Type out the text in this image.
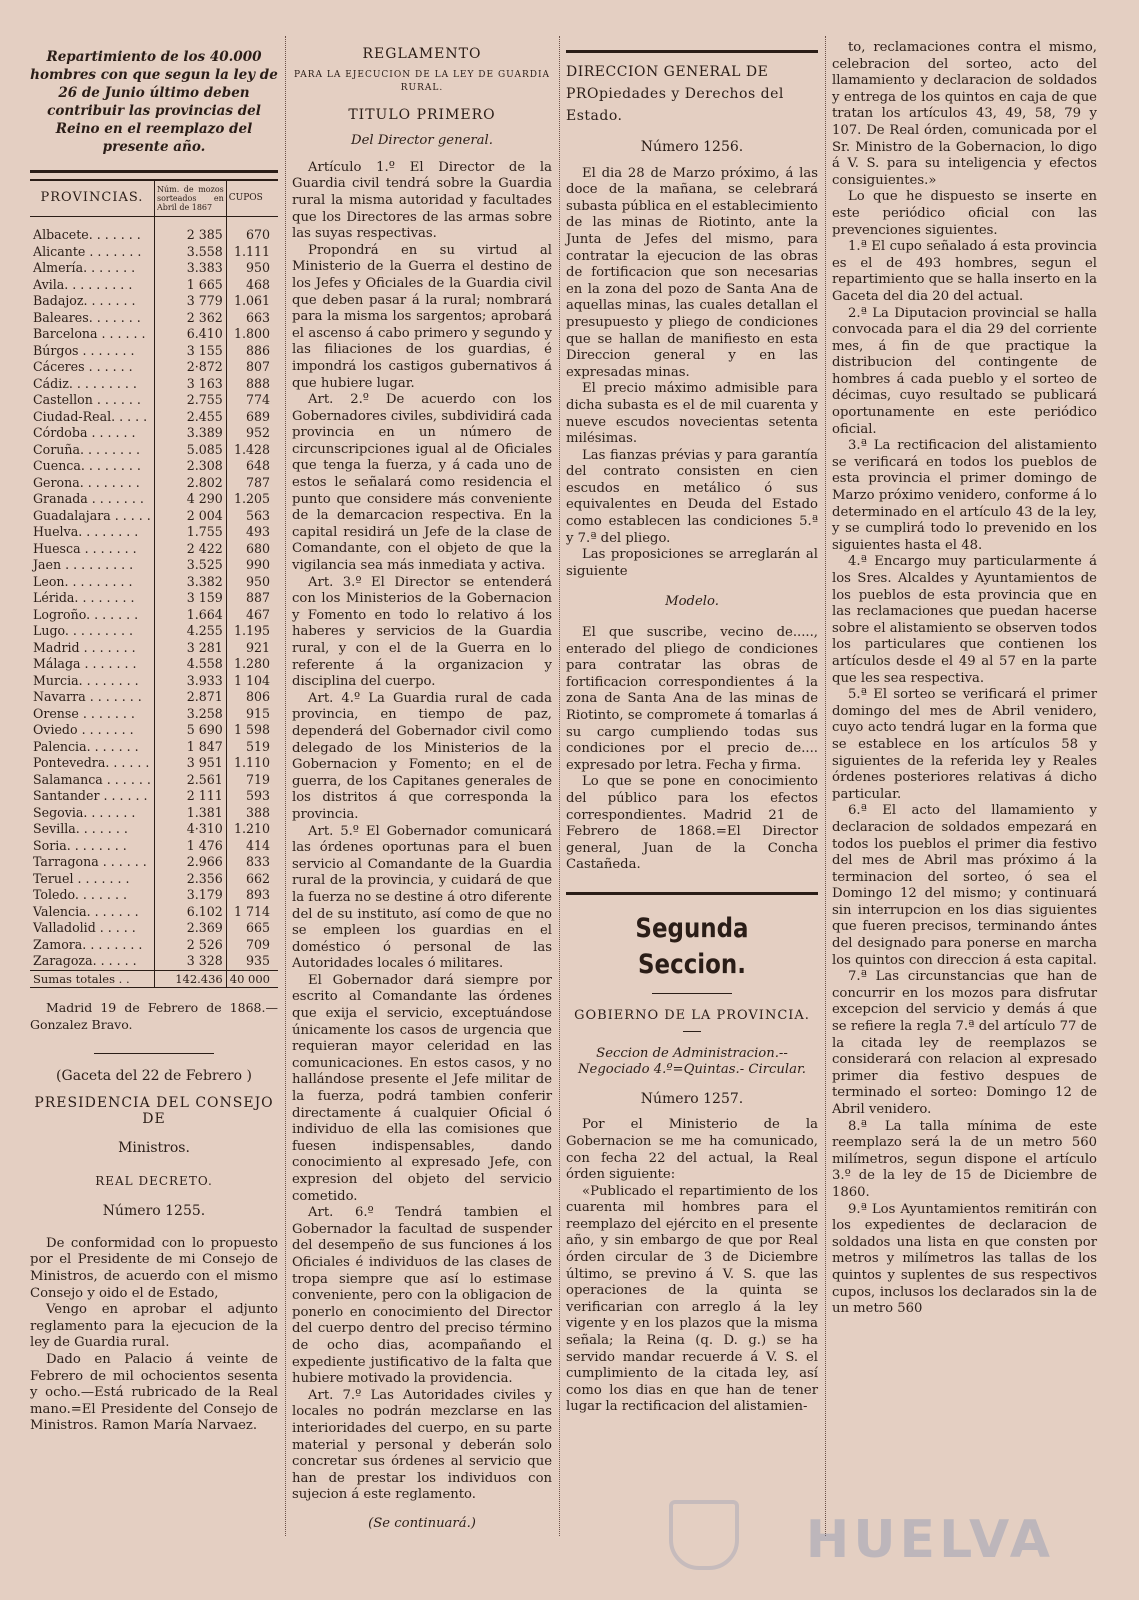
Repartimiento de los 40.000 hombres con que segun la ley de 26 de Junio último deben contribuir las provincias del Reino en el reemplazo del presente año.

PROVINCIAS.	Núm. de mozos sorteados en Abril de 1867	CUPOS
Albacete. . . . . . .	2 385	670
Alicante . . . . . . .	3.558	1.111
Almería. . . . . . .	3.383	950
Avila. . . . . . . . .	1 665	468
Badajoz. . . . . . .	3 779	1.061
Baleares. . . . . . .	2 362	663
Barcelona . . . . . .	6.410	1.800
Búrgos . . . . . . .	3 155	886
Cáceres . . . . . .	2·872	807
Cádiz. . . . . . . . .	3 163	888
Castellon . . . . . .	2.755	774
Ciudad-Real. . . . .	2.455	689
Córdoba . . . . . .	3.389	952
Coruña. . . . . . . .	5.085	1.428
Cuenca. . . . . . . .	2.308	648
Gerona. . . . . . . .	2.802	787
Granada . . . . . . .	4 290	1.205
Guadalajara . . . . .	2 004	563
Huelva. . . . . . . .	1.755	493
Huesca . . . . . . .	2 422	680
Jaen . . . . . . . . .	3.525	990
Leon. . . . . . . . .	3.382	950
Lérida. . . . . . . .	3 159	887
Logroño. . . . . . .	1.664	467
Lugo. . . . . . . . .	4.255	1.195
Madrid . . . . . . .	3 281	921
Málaga . . . . . . .	4.558	1.280
Murcia. . . . . . . .	3.933	1 104
Navarra . . . . . . .	2.871	806
Orense . . . . . . .	3.258	915
Oviedo . . . . . . .	5 690	1 598
Palencia. . . . . . .	1 847	519
Pontevedra. . . . . .	3 951	1.110
Salamanca . . . . . .	2.561	719
Santander . . . . . .	2 111	593
Segovia. . . . . . .	1.381	388
Sevilla. . . . . . .	4·310	1.210
Soria. . . . . . . .	1 476	414
Tarragona . . . . . .	2.966	833
Teruel . . . . . . .	2.356	662
Toledo. . . . . . .	3.179	893
Valencia. . . . . . .	6.102	1 714
Valladolid . . . . .	2.369	665
Zamora. . . . . . . .	2 526	709
Zaragoza. . . . . .	3 328	935
Sumas totales . .	142.436	40 000

Madrid 19 de Febrero de 1868.— Gonzalez Bravo.

(Gaceta del 22 de Febrero )

PRESIDENCIA DEL CONSEJO DE

Ministros.

REAL DECRETO.

Número 1255.

De conformidad con lo propuesto por el Presidente de mi Consejo de Ministros, de acuerdo con el mismo Consejo y oido el de Estado,

Vengo en aprobar el adjunto reglamento para la ejecucion de la ley de Guardia rural.

Dado en Palacio á veinte de Febrero de mil ochocientos sesenta y ocho.—Está rubricado de la Real mano.=El Presidente del Consejo de Ministros. Ramon María Narvaez.

REGLAMENTO

PARA LA EJECUCION DE LA LEY DE GUARDIA RURAL.

TITULO PRIMERO

Del Director general.

Artículo 1.º El Director de la Guardia civil tendrá sobre la Guardia rural la misma autoridad y facultades que los Directores de las armas sobre las suyas respectivas.

Propondrá en su virtud al Ministerio de la Guerra el destino de los Jefes y Oficiales de la Guardia civil que deben pasar á la rural; nombrará para la misma los sargentos; aprobará el ascenso á cabo primero y segundo y las filiaciones de los guardias, é impondrá los castigos gubernativos á que hubiere lugar.

Art. 2.º De acuerdo con los Gobernadores civiles, subdividirá cada provincia en un número de circunscripciones igual al de Oficiales que tenga la fuerza, y á cada uno de estos le señalará como residencia el punto que considere más conveniente de la demarcacion respectiva. En la capital residirá un Jefe de la clase de Comandante, con el objeto de que la vigilancia sea más inmediata y activa.

Art. 3.º El Director se entenderá con los Ministerios de la Gobernacion y Fomento en todo lo relativo á los haberes y servicios de la Guardia rural, y con el de la Guerra en lo referente á la organizacion y disciplina del cuerpo.

Art. 4.º La Guardia rural de cada provincia, en tiempo de paz, dependerá del Gobernador civil como delegado de los Ministerios de la Gobernacion y Fomento; en el de guerra, de los Capitanes generales de los distritos á que corresponda la provincia.

Art. 5.º El Gobernador comunicará las órdenes oportunas para el buen servicio al Comandante de la Guardia rural de la provincia, y cuidará de que la fuerza no se destine á otro diferente del de su instituto, así como de que no se empleen los guardias en el doméstico ó personal de las Autoridades locales ó militares.

El Gobernador dará siempre por escrito al Comandante las órdenes que exija el servicio, exceptuándose únicamente los casos de urgencia que requieran mayor celeridad en las comunicaciones. En estos casos, y no hallándose presente el Jefe militar de la fuerza, podrá tambien conferir directamente á cualquier Oficial ó individuo de ella las comisiones que fuesen indispensables, dando conocimiento al expresado Jefe, con expresion del objeto del servicio cometido.

Art. 6.º Tendrá tambien el Gobernador la facultad de suspender del desempeño de sus funciones á los Oficiales é individuos de las clases de tropa siempre que así lo estimase conveniente, pero con la obligacion de ponerlo en conocimiento del Director del cuerpo dentro del preciso término de ocho dias, acompañando el expediente justificativo de la falta que hubiere motivado la providencia.

Art. 7.º Las Autoridades civiles y locales no podrán mezclarse en las interioridades del cuerpo, en su parte material y personal y deberán solo concretar sus órdenes al servicio que han de prestar los individuos con sujecion á este reglamento.

(Se continuará.)

DIRECCION GENERAL DE PROpiedades y Derechos del Estado.

Número 1256.

El dia 28 de Marzo próximo, á las doce de la mañana, se celebrará subasta pública en el establecimiento de las minas de Riotinto, ante la Junta de Jefes del mismo, para contratar la ejecucion de las obras de fortificacion que son necesarias en la zona del pozo de Santa Ana de aquellas minas, las cuales detallan el presupuesto y pliego de condiciones que se hallan de manifiesto en esta Direccion general y en las expresadas minas.

El precio máximo admisible para dicha subasta es el de mil cuarenta y nueve escudos novecientas setenta milésimas.

Las fianzas prévias y para garantía del contrato consisten en cien escudos en metálico ó sus equivalentes en Deuda del Estado como establecen las condiciones 5.ª y 7.ª del pliego.

Las proposiciones se arreglarán al siguiente

Modelo.

El que suscribe, vecino de....., enterado del pliego de condiciones para contratar las obras de fortificacion correspondientes á la zona de Santa Ana de las minas de Riotinto, se compromete á tomarlas á su cargo cumpliendo todas sus condiciones por el precio de.... expresado por letra. Fecha y firma.

Lo que se pone en conocimiento del público para los efectos correspondientes. Madrid 21 de Febrero de 1868.=El Director general, Juan de la Concha Castañeda.

Segunda Seccion.

GOBIERNO DE LA PROVINCIA.

Seccion de Administracion.--Negociado 4.º=Quintas.- Circular.

Número 1257.

Por el Ministerio de la Gobernacion se me ha comunicado, con fecha 22 del actual, la Real órden siguiente:

«Publicado el repartimiento de los cuarenta mil hombres para el reemplazo del ejército en el presente año, y sin embargo de que por Real órden circular de 3 de Diciembre último, se previno á V. S. que las operaciones de la quinta se verificarian con arreglo á la ley vigente y en los plazos que la misma señala; la Reina (q. D. g.) se ha servido mandar recuerde á V. S. el cumplimiento de la citada ley, así como los dias en que han de tener lugar la rectificacion del alistamien-

to, reclamaciones contra el mismo, celebracion del sorteo, acto del llamamiento y declaracion de soldados y entrega de los quintos en caja de que tratan los artículos 43, 49, 58, 79 y 107. De Real órden, comunicada por el Sr. Ministro de la Gobernacion, lo digo á V. S. para su inteligencia y efectos consiguientes.»

Lo que he dispuesto se inserte en este periódico oficial con las prevenciones siguientes.

1.ª El cupo señalado á esta provincia es el de 493 hombres, segun el repartimiento que se halla inserto en la Gaceta del dia 20 del actual.

2.ª La Diputacion provincial se halla convocada para el dia 29 del corriente mes, á fin de que practique la distribucion del contingente de hombres á cada pueblo y el sorteo de décimas, cuyo resultado se publicará oportunamente en este periódico oficial.

3.ª La rectificacion del alistamiento se verificará en todos los pueblos de esta provincia el primer domingo de Marzo próximo venidero, conforme á lo determinado en el artículo 43 de la ley, y se cumplirá todo lo prevenido en los siguientes hasta el 48.

4.ª Encargo muy particularmente á los Sres. Alcaldes y Ayuntamientos de los pueblos de esta provincia que en las reclamaciones que puedan hacerse sobre el alistamiento se observen todos los particulares que contienen los artículos desde el 49 al 57 en la parte que les sea respectiva.

5.ª El sorteo se verificará el primer domingo del mes de Abril venidero, cuyo acto tendrá lugar en la forma que se establece en los artículos 58 y siguientes de la referida ley y Reales órdenes posteriores relativas á dicho particular.

6.ª El acto del llamamiento y declaracion de soldados empezará en todos los pueblos el primer dia festivo del mes de Abril mas próximo á la terminacion del sorteo, ó sea el Domingo 12 del mismo; y continuará sin interrupcion en los dias siguientes que fueren precisos, terminando ántes del designado para ponerse en marcha los quintos con direccion á esta capital.

7.ª Las circunstancias que han de concurrir en los mozos para disfrutar excepcion del servicio y demás á que se refiere la regla 7.ª del artículo 77 de la citada ley de reemplazos se considerará con relacion al expresado primer dia festivo despues de terminado el sorteo: Domingo 12 de Abril venidero.

8.ª La talla mínima de este reemplazo será la de un metro 560 milímetros, segun dispone el artículo 3.º de la ley de 15 de Diciembre de 1860.

9.ª Los Ayuntamientos remitirán con los expedientes de declaracion de soldados una lista en que consten por metros y milímetros las tallas de los quintos y suplentes de sus respectivos cupos, inclusos los declarados sin la de un metro 560

HUELVA
